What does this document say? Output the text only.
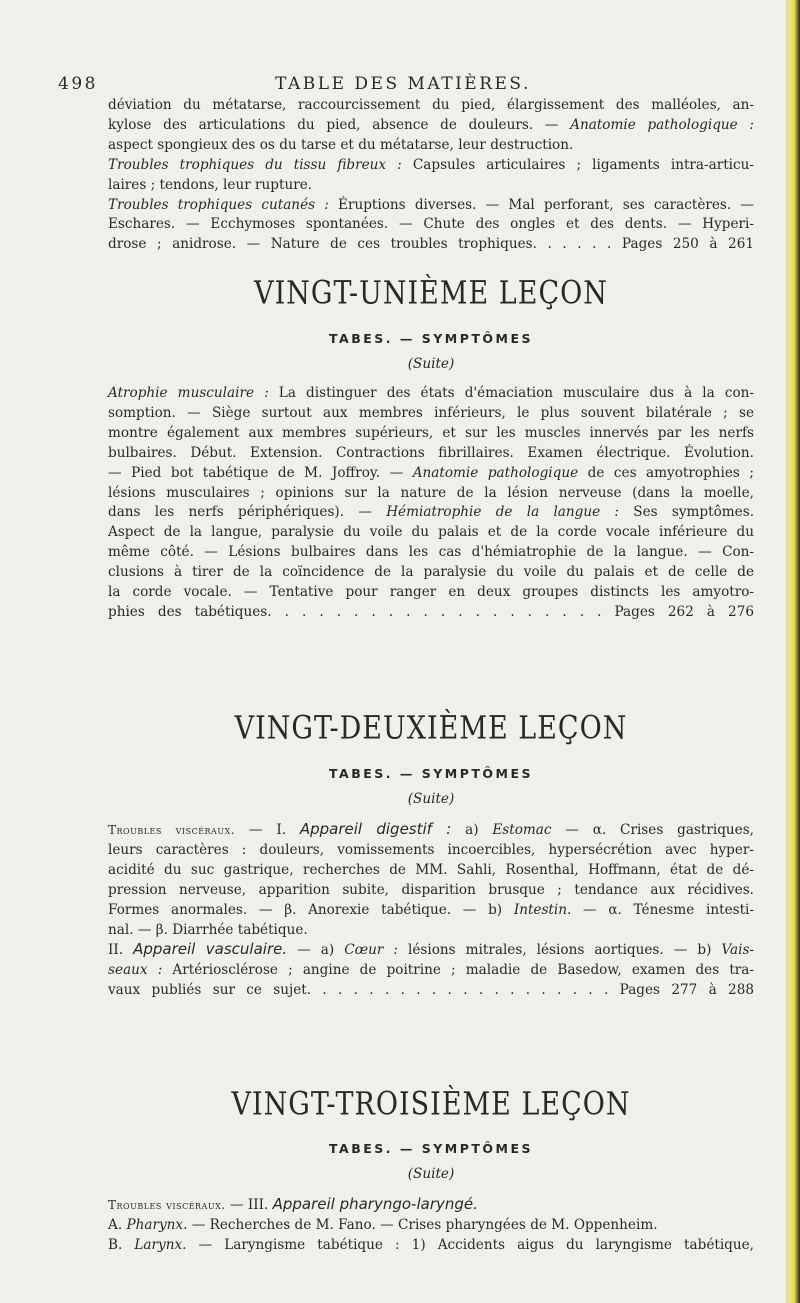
498	TABLE DES MATIÈRES.

déviation du métatarse, raccourcissement du pied, élargissement des malléoles, an-

kylose des articulations du pied, absence de douleurs. — Anatomie pathologique :

aspect spongieux des os du tarse et du métatarse, leur destruction.

Troubles trophiques du tissu fibreux : Capsules articulaires ; ligaments intra-articu-

laires ; tendons, leur rupture.

Troubles trophiques cutanés : Éruptions diverses. — Mal perforant, ses caractères. —

Eschares. — Ecchymoses spontanées. — Chute des ongles et des dents. — Hyperi-

drose ; anidrose. — Nature de ces troubles trophiques. . . . . . Pages 250 à 261

VINGT-UNIÈME LEÇON
TABES. — SYMPTÔMES
(Suite)

Atrophie musculaire : La distinguer des états d'émaciation musculaire dus à la con-

somption. — Siège surtout aux membres inférieurs, le plus souvent bilatérale ; se

montre également aux membres supérieurs, et sur les muscles innervés par les nerfs

bulbaires. Début. Extension. Contractions fibrillaires. Examen électrique. Évolution.

— Pied bot tabétique de M. Joffroy. — Anatomie pathologique de ces amyotrophies ;

lésions musculaires ; opinions sur la nature de la lésion nerveuse (dans la moelle,

dans les nerfs périphériques). — Hémiatrophie de la langue : Ses symptômes.

Aspect de la langue, paralysie du voile du palais et de la corde vocale inférieure du

même côté. — Lésions bulbaires dans les cas d'hémiatrophie de la langue. — Con-

clusions à tirer de la coïncidence de la paralysie du voile du palais et de celle de

la corde vocale. — Tentative pour ranger en deux groupes distincts les amyotro-

phies des tabétiques. . . . . . . . . . . . . . . . . . . . Pages 262 à 276

VINGT-DEUXIÈME LEÇON
TABES. — SYMPTÔMES
(Suite)

Troubles viscéraux. — I. Appareil digestif : a) Estomac — α. Crises gastriques,

leurs caractères : douleurs, vomissements incoercibles, hypersécrétion avec hyper-

acidité du suc gastrique, recherches de MM. Sahli, Rosenthal, Hoffmann, état de dé-

pression nerveuse, apparition subite, disparition brusque ; tendance aux récidives.

Formes anormales. — β. Anorexie tabétique. — b) Intestin. — α. Ténesme intesti-

nal. — β. Diarrhée tabétique.

II. Appareil vasculaire. — a) Cœur : lésions mitrales, lésions aortiques. — b) Vais-

seaux : Artériosclérose ; angine de poitrine ; maladie de Basedow, examen des tra-

vaux publiés sur ce sujet. . . . . . . . . . . . . . . . . . . . Pages 277 à 288

VINGT-TROISIÈME LEÇON
TABES. — SYMPTÔMES
(Suite)

Troubles viscéraux. — III. Appareil pharyngo-laryngé.

A. Pharynx. — Recherches de M. Fano. — Crises pharyngées de M. Oppenheim.

B. Larynx. — Laryngisme tabétique : 1) Accidents aigus du laryngisme tabétique,
